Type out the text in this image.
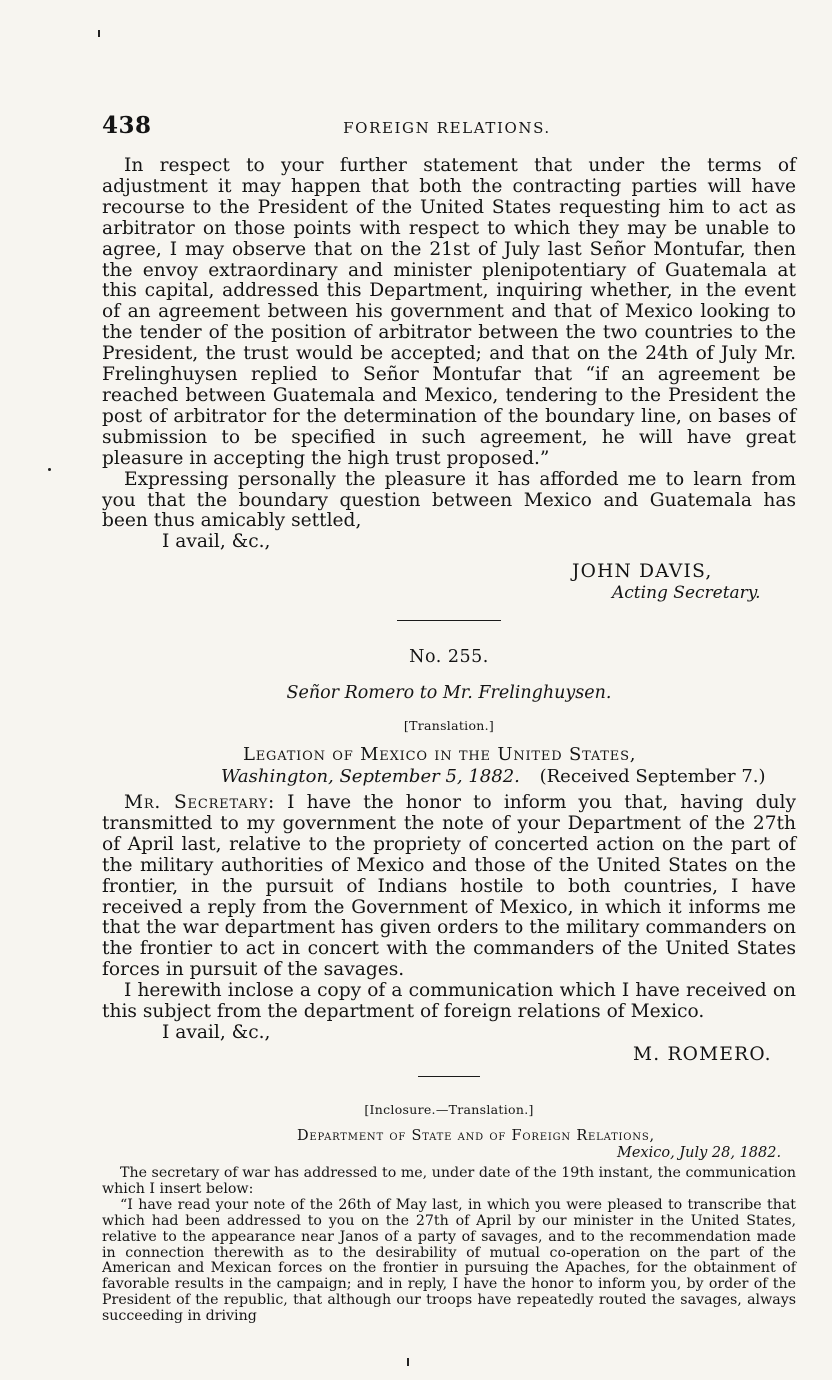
438	FOREIGN RELATIONS.

In respect to your further statement that under the terms of adjustment it may happen that both the contracting parties will have recourse to the President of the United States requesting him to act as arbitrator on those points with respect to which they may be unable to agree, I may observe that on the 21st of July last Señor Montufar, then the envoy extraordinary and minister plenipotentiary of Guatemala at this capital, addressed this Department, inquiring whether, in the event of an agreement between his government and that of Mexico looking to the tender of the position of arbitrator between the two countries to the President, the trust would be accepted; and that on the 24th of July Mr. Frelinghuysen replied to Señor Montufar that “if an agreement be reached between Guatemala and Mexico, tendering to the President the post of arbitrator for the determination of the boundary line, on bases of submission to be specified in such agreement, he will have great pleasure in accepting the high trust proposed.”

Expressing personally the pleasure it has afforded me to learn from you that the boundary question between Mexico and Guatemala has been thus amicably settled,

I avail, &c.,

JOHN DAVIS,
Acting Secretary.
No. 255.
Señor Romero to Mr. Frelinghuysen.
[Translation.]
Legation of Mexico in the United States,
Washington, September 5, 1882. (Received September 7.)

Mr. Secretary: I have the honor to inform you that, having duly transmitted to my government the note of your Department of the 27th of April last, relative to the propriety of concerted action on the part of the military authorities of Mexico and those of the United States on the frontier, in the pursuit of Indians hostile to both countries, I have received a reply from the Government of Mexico, in which it informs me that the war department has given orders to the military commanders on the frontier to act in concert with the commanders of the United States forces in pursuit of the savages.

I herewith inclose a copy of a communication which I have received on this subject from the department of foreign relations of Mexico.

I avail, &c.,

M. ROMERO.
[Inclosure.—Translation.]
Department of State and of Foreign Relations,
Mexico, July 28, 1882.

The secretary of war has addressed to me, under date of the 19th instant, the communication which I insert below:

“I have read your note of the 26th of May last, in which you were pleased to transcribe that which had been addressed to you on the 27th of April by our minister in the United States, relative to the appearance near Janos of a party of savages, and to the recommendation made in connection therewith as to the desirability of mutual co-operation on the part of the American and Mexican forces on the frontier in pursuing the Apaches, for the obtainment of favorable results in the campaign; and in reply, I have the honor to inform you, by order of the President of the republic, that although our troops have repeatedly routed the savages, always succeeding in driving
